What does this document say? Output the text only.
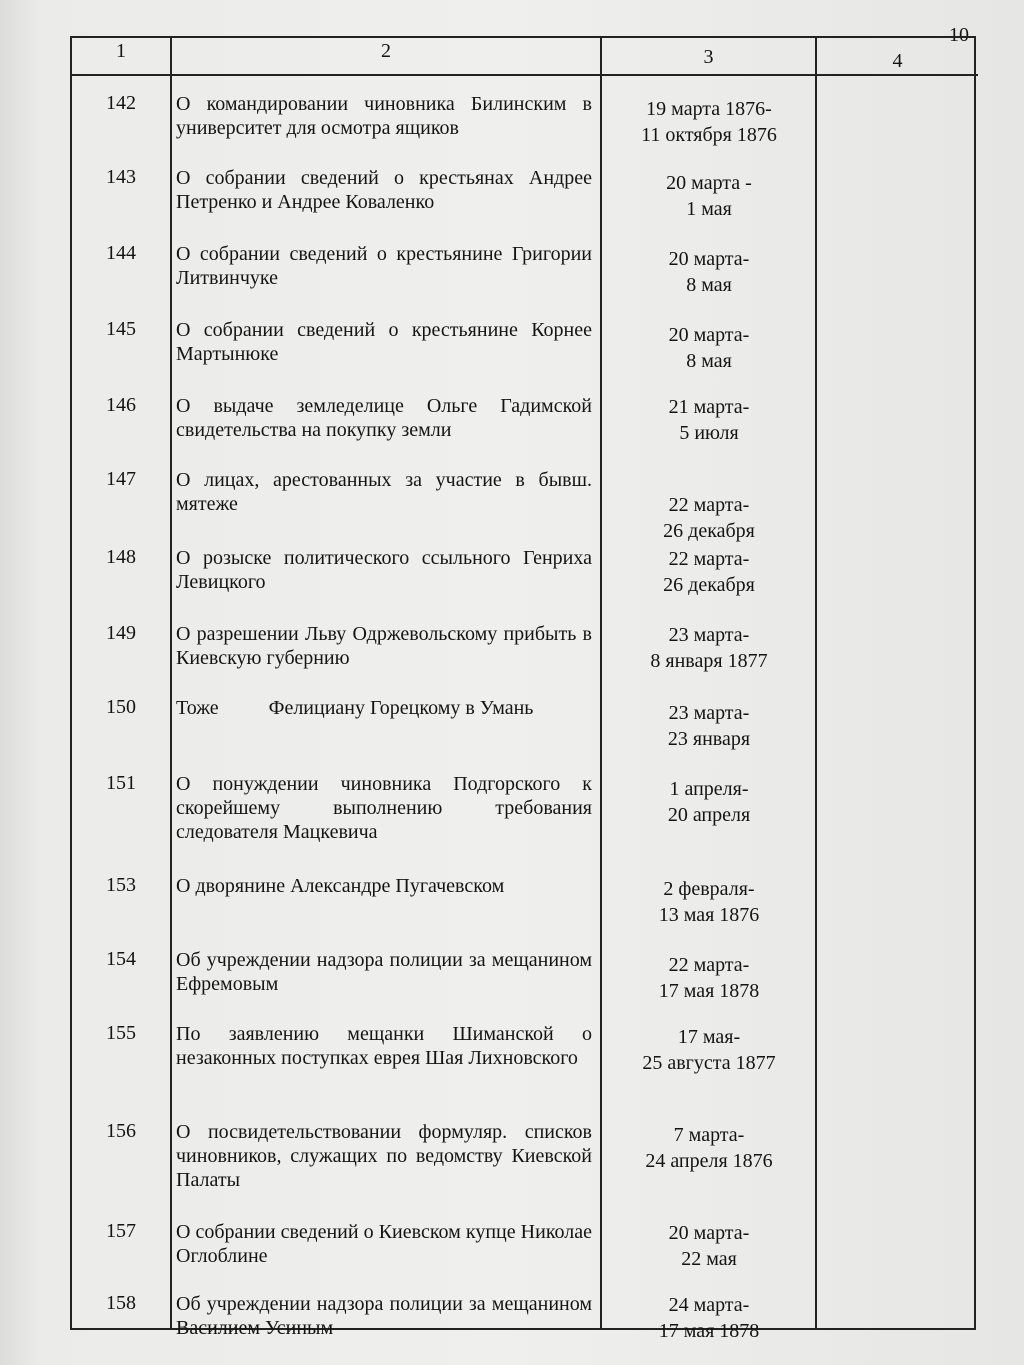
10
1	2	3	4
142	О командировании чиновника Билинским в университет для осмотра ящиков
19 марта 1876-
11 октября 1876
143	О собрании сведений о крестьянах Андрее Петренко и Андрее Коваленко
20 марта -
1 мая
144	О собрании сведений о крестьянине Григории Литвинчуке
20 марта-
8 мая
145	О собрании сведений о крестьянине Корнее Мартынюке
20 марта-
8 мая
146	О выдаче земледелице Ольге Гадимской свидетельства на покупку земли
21 марта-
5 июля
147	О лицах, арестованных за участие в бывш. мятеже	22 марта-
26 декабря
148	О розыске политического ссыльного Генриха Левицкого
22 марта-
26 декабря
149	О разрешении Льву Одржевольскому прибыть в Киевскую губернию
23 марта-
8 января 1877
150	Тоже          Фелициану Горецкому в Умань	23 марта-
23 января
151	О понуждении чиновника Подгорского к скорейшему выполнению требования следователя Мацкевича
1 апреля-
20 апреля
153	О дворянине Александре Пугачевском	2 февраля-
13 мая 1876
154	Об учреждении надзора полиции за мещанином Ефремовым
22 марта-
17 мая 1878
155	По заявлению мещанки Шиманской о незаконных поступках еврея Шая Лихновского
17 мая-
25 августа 1877
156	О посвидетельствовании формуляр. списков чиновников, служащих по ведомству Киевской Палаты
7 марта-
24 апреля 1876
157	О собрании сведений о Киевском купце Николае Оглоблине
20 марта-
22 мая
158	Об учреждении надзора полиции за мещанином Василием Усиным
24 марта-
17 мая 1878
